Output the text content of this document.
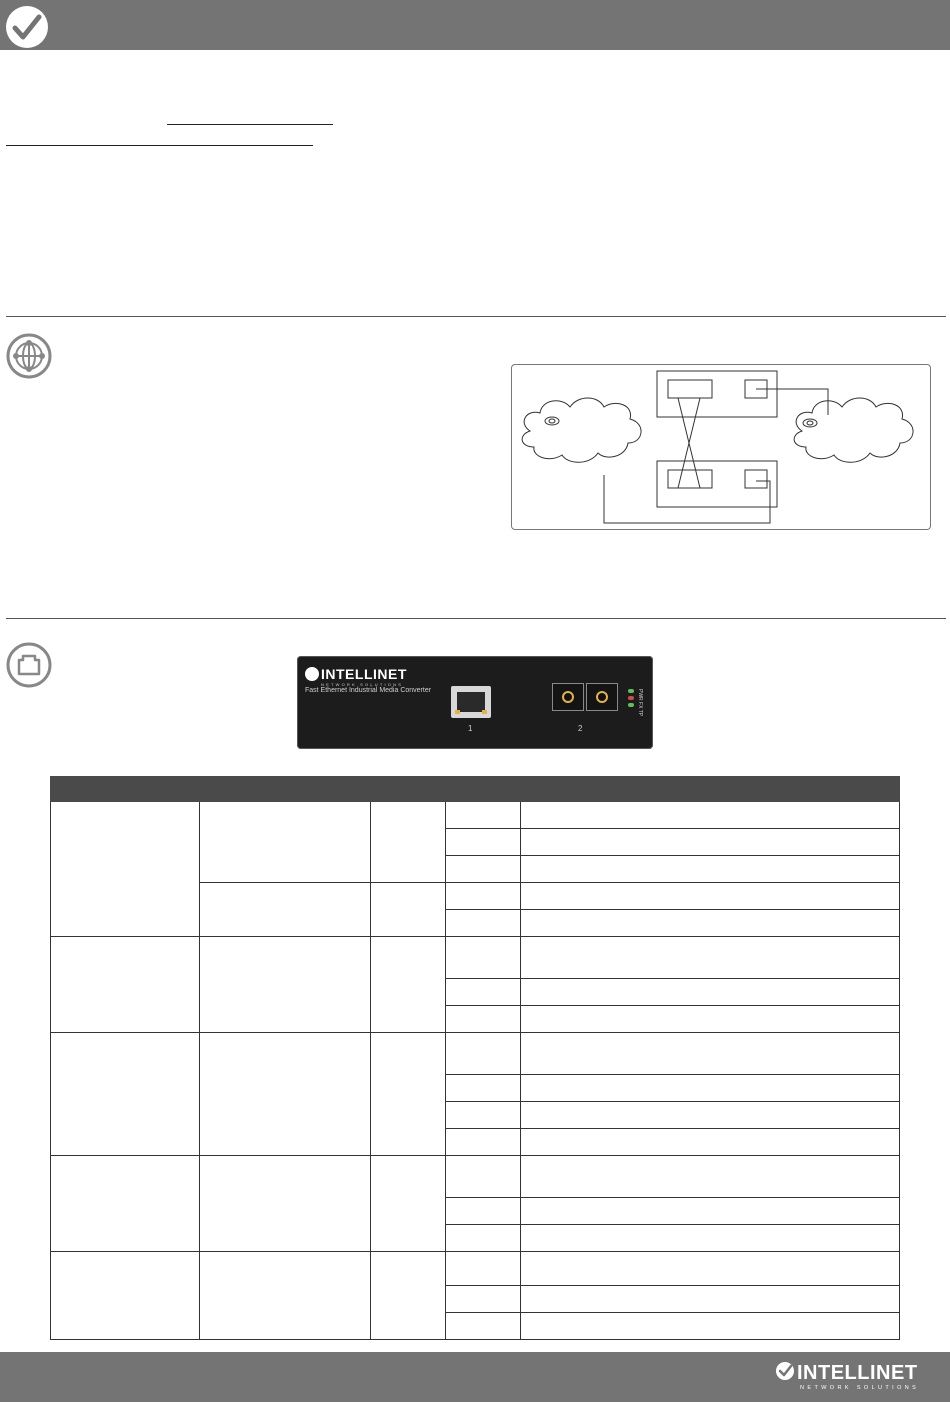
INTELLINET
NETWORK SOLUTIONS
Fast Ethernet Industrial Media Converter
1	2
PWR FX TP

INTELLINET
NETWORK SOLUTIONS
